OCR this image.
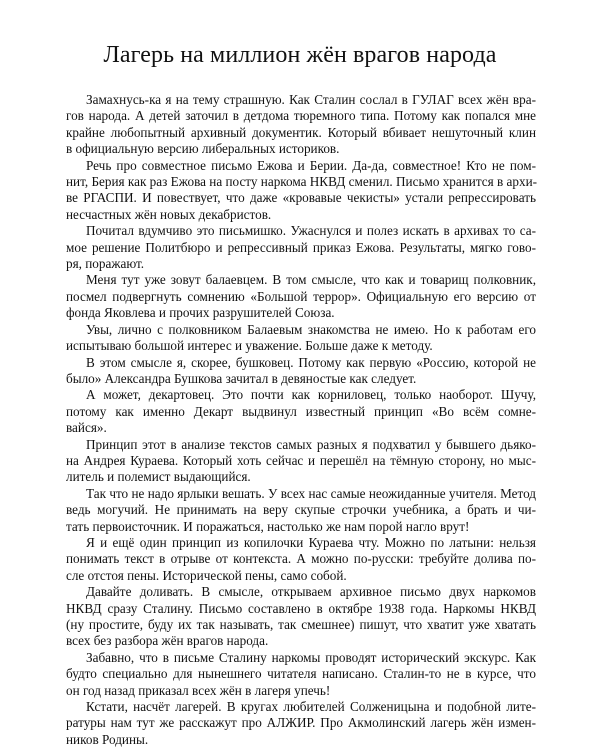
Лагерь на миллион жён врагов народа
Замахнусь-ка я на тему страшную. Как Сталин сослал в ГУЛАГ всех жён вра-
гов народа. А детей заточил в детдома тюремного типа. Потому как попался мне
крайне любопытный архивный документик. Который вбивает нешуточный клин
в официальную версию либеральных историков.
Речь про совместное письмо Ежова и Берии. Да-да, совместное! Кто не пом-
нит, Берия как раз Ежова на посту наркома НКВД сменил. Письмо хранится в архи-
ве РГАСПИ. И повествует, что даже «кровавые чекисты» устали репрессировать
несчастных жён новых декабристов.
Почитал вдумчиво это письмишко. Ужаснулся и полез искать в архивах то са-
мое решение Политбюро и репрессивный приказ Ежова. Результаты, мягко гово-
ря, поражают.
Меня тут уже зовут балаевцем. В том смысле, что как и товарищ полковник,
посмел подвергнуть сомнению «Большой террор». Официальную его версию от
фонда Яковлева и прочих разрушителей Союза.
Увы, лично с полковником Балаевым знакомства не имею. Но к работам его
испытываю большой интерес и уважение. Больше даже к методу.
В этом смысле я, скорее, бушковец. Потому как первую «Россию, которой не
было» Александра Бушкова зачитал в девяностые как следует.
А может, декартовец. Это почти как корниловец, только наоборот. Шучу,
потому как именно Декарт выдвинул известный принцип «Во всём сомне-
вайся».
Принцип этот в анализе текстов самых разных я подхватил у бывшего дьяко-
на Андрея Кураева. Который хоть сейчас и перешёл на тёмную сторону, но мыс-
литель и полемист выдающийся.
Так что не надо ярлыки вешать. У всех нас самые неожиданные учителя. Метод
ведь могучий. Не принимать на веру скупые строчки учебника, а брать и чи-
тать первоисточник. И поражаться, настолько же нам порой нагло врут!
Я и ещё один принцип из копилочки Кураева чту. Можно по латыни: нельзя
понимать текст в отрыве от контекста. А можно по-русски: требуйте долива по-
сле отстоя пены. Исторической пены, само собой.
Давайте доливать. В смысле, открываем архивное письмо двух наркомов
НКВД сразу Сталину. Письмо составлено в октябре 1938 года. Наркомы НКВД
(ну простите, буду их так называть, так смешнее) пишут, что хватит уже хватать
всех без разбора жён врагов народа.
Забавно, что в письме Сталину наркомы проводят исторический экскурс. Как
будто специально для нынешнего читателя написано. Сталин-то не в курсе, что
он год назад приказал всех жён в лагеря упечь!
Кстати, насчёт лагерей. В кругах любителей Солженицына и подобной лите-
ратуры нам тут же расскажут про АЛЖИР. Про Акмолинский лагерь жён измен-
ников Родины.
